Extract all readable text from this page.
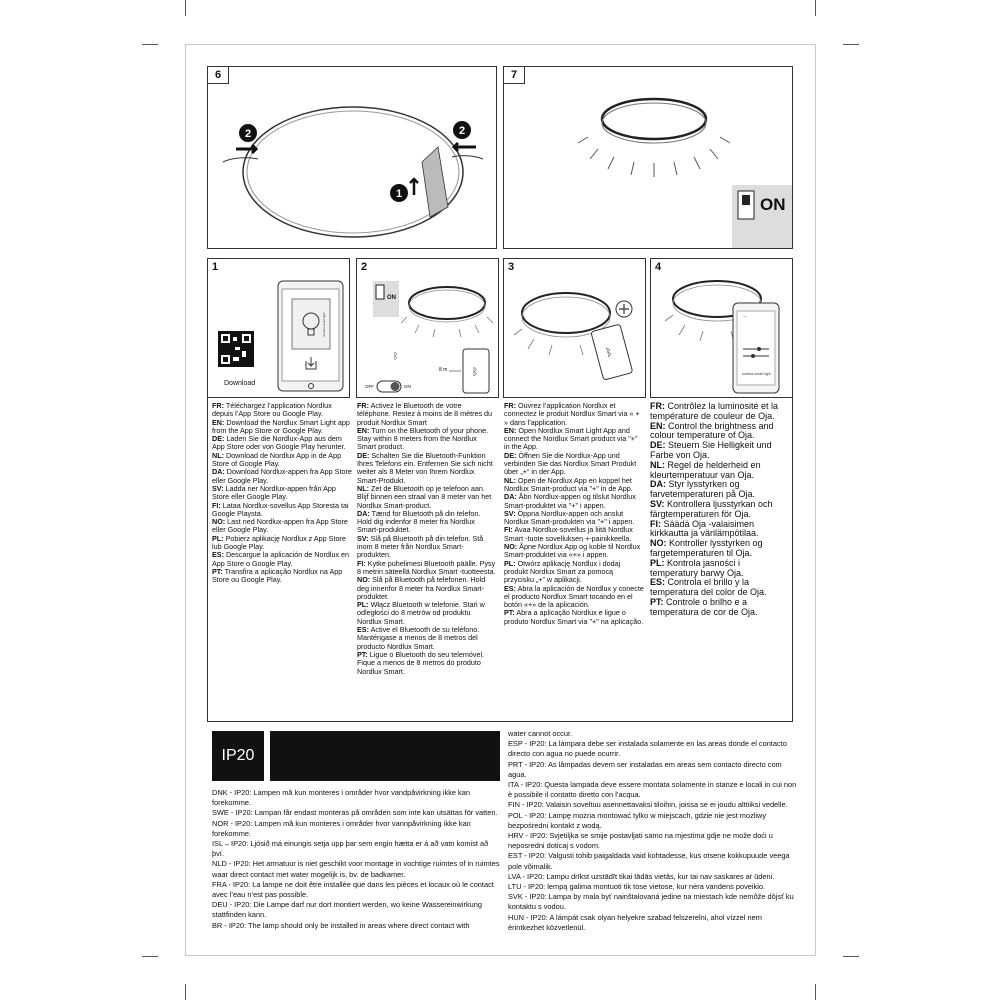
6
2	2
1
7
ON
1
Download
nordlux smart light
2
ON
ᛒ
ᛒ
8 m
OFF	ON
3
ᛒ
4
—
nordlux smart light

FR: Téléchargez l’application Nordlux depuis l’App Store ou Google Play.

EN: Download the Nordlux Smart Light app from the App Store or Google Play.

DE: Laden Sie die Nordlux-App aus dem App Store oder von Google Play herunter.

NL: Download de Nordlux App in de App Store of Google Play.

DA: Download Nordlux-appen fra App Store eller Google Play.

SV: Ladda ner Nordlux-appen från App Store eller Google Play.

FI: Lataa Nordlux-sovellus App Storesta tai Google Playsta.

NO: Last ned Nordlux-appen fra App Store eller Google Play.

PL: Pobierz aplikację Nordlux z App Store lub Google Play.

ES: Descargue la aplicación de Nordlux en App Store o Google Play.

PT: Transfira a aplicação Nordlux na App Store ou Google Play.

FR: Activez le Bluetooth de votre téléphone. Restez à moins de 8 mètres du produit Nordlux Smart

EN: Turn on the Bluetooth of your phone. Stay within 8 meters from the Nordlux Smart product.

DE: Schalten Sie die Bluetooth-Funktion Ihres Telefons ein. Entfernen Sie sich nicht weiter als 8 Meter von Ihrem Nordlux Smart-Produkt.

NL: Zet de Bluetooth op je telefoon aan. Blijf binnen een straal van 8 meter van het Nordlux Smart-product.

DA: Tænd for Bluetooth på din telefon. Hold dig indenfor 8 meter fra Nordlux Smart-produktet.

SV: Slå på Bluetooth på din telefon. Stå inom 8 meter från Nordlux Smart-produkten.

FI: Kytke puhelimesi Bluetooth päälle. Pysy 8 metrin säteellä Nordlux Smart -tuotteesta.

NO: Slå på Bluetooth på telefonen. Hold deg innenfor 8 meter fra Nordlux Smart-produktet.

PL: Włącz Bluetooth w telefonie. Stań w odległości do 8 metrów od produktu Nordlux Smart.

ES: Active el Bluetooth de su teléfono. Manténgase a menos de 8 metros del producto Nordlux Smart.

PT: Ligue o Bluetooth do seu telemóvel. Fique a menos de 8 metros do produto Nordlux Smart.

FR: Ouvrez l’application Nordlux et connectez le produit Nordlux Smart via « + » dans l’application.

EN: Open Nordlux Smart Light App and connect the Nordlux Smart product via "+" in the App.

DE: Öffnen Sie die Nordlux-App und verbinden Sie das Nordlux Smart Produkt über „+“ in der App.

NL: Open de Nordlux App en koppel het Nordlux Smart-product via "+" in de App.

DA: Åbn Nordlux-appen og tilslut Nordlux Smart-produktet via "+" i appen.

SV: Öppna Nordlux-appen och anslut Nordlux Smart-produkten via "+" i appen.

FI: Avaa Nordlux-sovellus ja liitä Nordlux Smart -tuote sovelluksen +-painikkeella.

NO: Åpne Nordlux App og koble til Nordlux Smart-produktet via «+» i appen.

PL: Otwórz aplikację Nordlux i dodaj produkt Nordlux Smart za pomocą przycisku „+” w aplikacji.

ES: Abra la aplicación de Nordlux y conecte el producto Nordlux Smart tocando en el botón «+» de la aplicación.

PT: Abra a aplicação Nordlux e ligue o produto Nordlux Smart via "+" na aplicação.

FR: Contrôlez la luminosité et la température de couleur de Oja.

EN: Control the brightness and colour temperature of Oja.

DE: Steuern Sie Helligkeit und Farbe von Oja.

NL: Regel de helderheid en kleurtemperatuur van Oja.

DA: Styr lysstyrken og farvetemperaturen på Oja.

SV: Kontrollera ljusstyrkan och färgtemperaturen för Oja.

FI: Säädä Oja -valaisimen kirkkautta ja värilämpötilaa.

NO: Kontroller lysstyrken og fargetemperaturen til Oja.

PL: Kontrola jasności i temperatury barwy Oja.

ES: Controla el brillo y la temperatura del color de Oja.

PT: Controle o brilho e a temperatura de cor de Oja.

IP20

DNK - IP20: Lampen må kun monteres i områder hvor vandpåvirkning ikke kan forekomme.

SWE - IP20: Lampan får endast monteras på områden som inte kan utsättas för vatten.

NOR - IP20: Lampen må kun monteres i områder hvor vannpåvirkning ikke kan forekomme.

ISL – IP20: Ljósið má einungis setja upp þar sem engin hætta er á að vatn komist að því.

NLD - IP20: Het armatuur is niet geschikt voor montage in vochtige ruimtes of in ruimtes waar direct contact met water mogelijk is, bv. de badkamer.

FRA - IP20: La lampe ne doit être installée que dans les pièces et locaux où le contact avec l’eau n’est pas possible.

DEU - IP20: Die Lampe darf nur dort montiert werden, wo keine Wassereinwirkung stattfinden kann.

BR - IP20: The lamp should only be installed in areas where direct contact with

water cannot occur.

ESP - IP20: La lámpara debe ser instalada solamente en las areas donde el contacto directo con agua no puede ocurrir.

PRT - IP20: As lâmpadas devem ser instaladas em areas sem contacto directo com agua.

ITA - IP20: Questa lampada deve essere montata solamente in stanze e locali in cui non è possibile il contatto diretto con l’acqua.

FIN - IP20: Valaisin soveltuu asennettavaksi tiloihin, joissa se ei joudu alttiiksi vedelle.

POL - IP20: Lampę można montować tylko w miejscach, gdzie nie jest możliwy bezpośredni kontakt z wodą.

HRV - IP20: Svjetiljka se smije postavljati samo na mjestima gdje ne može doći u neposredni doticaj s vodom.

EST - IP20: Valgusti tohib paigaldada vaid kohtadesse, kus otsene kokkupuude veega pole võimalik.

LVA - IP20: Lampu drīkst uzstādīt tikai tādās vietās, kur tai nav saskares ar ūdeni.

LTU - IP20: lempą galima montuoti tik tose vietose, kur nėra vandens poveikio.

SVK - IP20: Lampa by mala byť nainštalovaná jedine na miestach kde nemôže dôjsť ku kontaktu s vodou.

HUN - IP20: A lámpát csak olyan helyekre szabad felszerelni, ahol vízzel nem érintkezhet közvetlenül.
